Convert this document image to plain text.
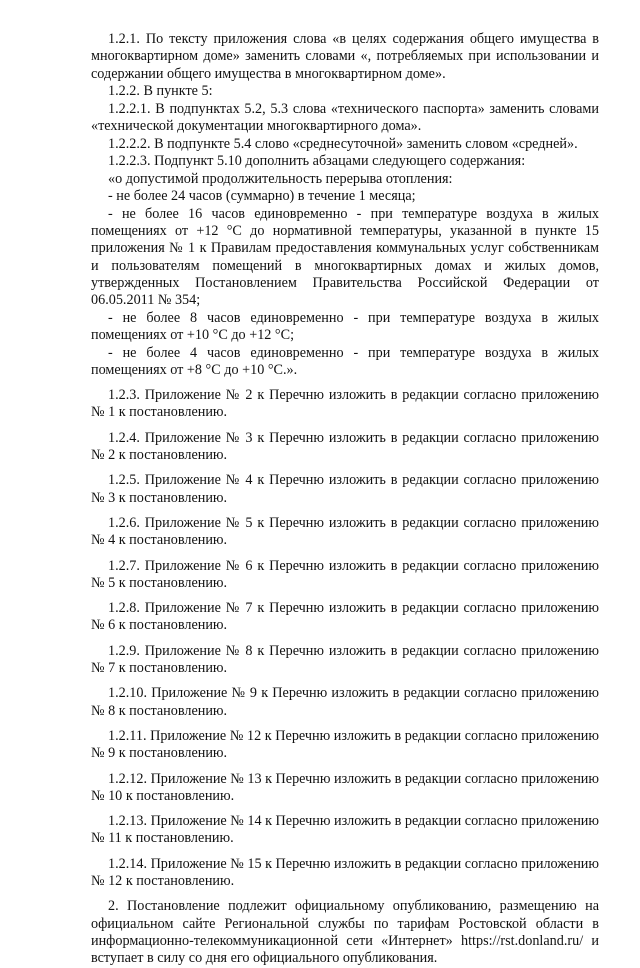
1.2.1. По тексту приложения слова «в целях содержания общего имущества в многоквартирном доме» заменить словами «, потребляемых при использовании и содержании общего имущества в многоквартирном доме».

1.2.2. В пункте 5:

1.2.2.1. В подпунктах 5.2, 5.3 слова «технического паспорта» заменить словами «технической документации многоквартирного дома».

1.2.2.2. В подпункте 5.4 слово «среднесуточной» заменить словом «средней».

1.2.2.3. Подпункт 5.10 дополнить абзацами следующего содержания:

«о допустимой продолжительность перерыва отопления:

- не более 24 часов (суммарно) в течение 1 месяца;

- не более 16 часов единовременно - при температуре воздуха в жилых помещениях от +12 °С до нормативной температуры, указанной в пункте 15 приложения № 1 к Правилам предоставления коммунальных услуг собственникам и пользователям помещений в многоквартирных домах и жилых домов, утвержденных Постановлением Правительства Российской Федерации от 06.05.2011 № 354;

- не более 8 часов единовременно - при температуре воздуха в жилых помещениях от +10 °С до +12 °С;

- не более 4 часов единовременно - при температуре воздуха в жилых помещениях от +8 °С до +10 °С.».

1.2.3. Приложение № 2 к Перечню изложить в редакции согласно приложению № 1 к постановлению.

1.2.4. Приложение № 3 к Перечню изложить в редакции согласно приложению № 2 к постановлению.

1.2.5. Приложение № 4 к Перечню изложить в редакции согласно приложению № 3 к постановлению.

1.2.6. Приложение № 5 к Перечню изложить в редакции согласно приложению № 4 к постановлению.

1.2.7. Приложение № 6 к Перечню изложить в редакции согласно приложению № 5 к постановлению.

1.2.8. Приложение № 7 к Перечню изложить в редакции согласно приложению № 6 к постановлению.

1.2.9. Приложение № 8 к Перечню изложить в редакции согласно приложению № 7 к постановлению.

1.2.10. Приложение № 9 к Перечню изложить в редакции согласно приложению № 8 к постановлению.

1.2.11. Приложение № 12 к Перечню изложить в редакции согласно приложению № 9 к постановлению.

1.2.12. Приложение № 13 к Перечню изложить в редакции согласно приложению № 10 к постановлению.

1.2.13. Приложение № 14 к Перечню изложить в редакции согласно приложению № 11 к постановлению.

1.2.14. Приложение № 15 к Перечню изложить в редакции согласно приложению № 12 к постановлению.

2. Постановление подлежит официальному опубликованию, размещению на официальном сайте Региональной службы по тарифам Ростовской области в информационно-телекоммуникационной сети «Интернет» https://rst.donland.ru/ и вступает в силу со дня его официального опубликования.
